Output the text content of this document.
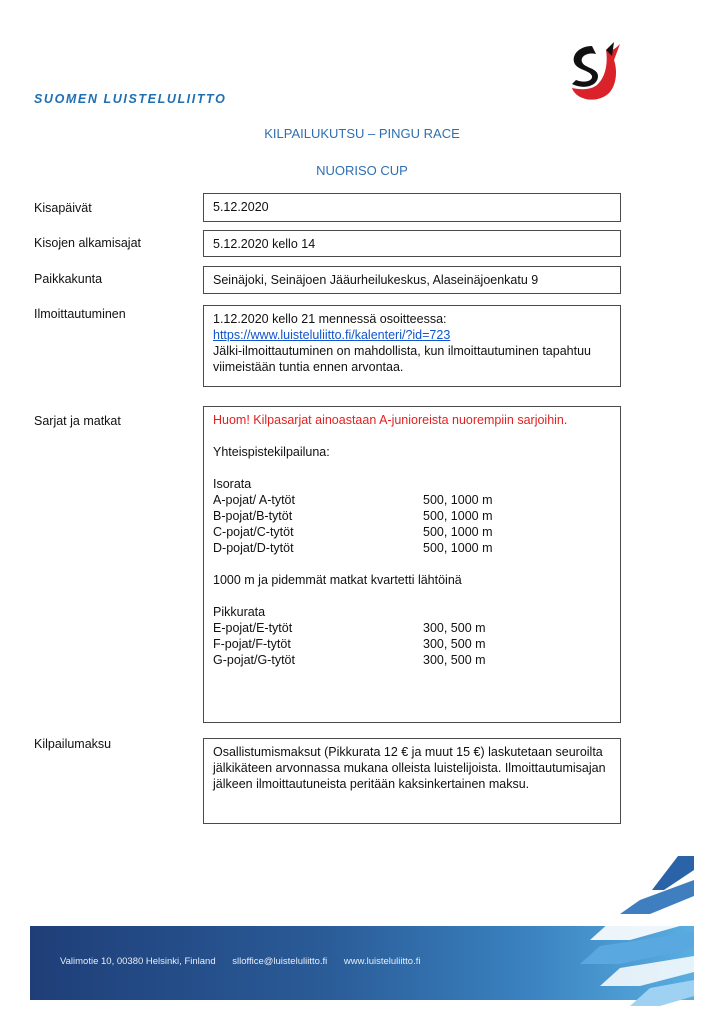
SUOMEN LUISTELULIITTO
KILPAILUKUTSU – PINGU RACE
NUORISO CUP
Kisapäivät	5.12.2020
Kisojen alkamisajat	5.12.2020 kello 14
Paikkakunta	Seinäjoki, Seinäjoen Jääurheilukeskus, Alaseinäjoenkatu 9
Ilmoittautuminen	1.12.2020 kello 21 mennessä osoitteessa:
https://www.luisteluliitto.fi/kalenteri/?id=723
Jälki-ilmoittautuminen on mahdollista, kun ilmoittautuminen tapahtuu viimeistään tuntia ennen arvontaa.
Sarjat ja matkat	Huom! Kilpasarjat ainoastaan A-junioreista nuorempiin sarjoihin.
Yhteispistekilpailuna:
Isorata
A-pojat/ A-tytöt	500, 1000 m
B-pojat/B-tytöt	500, 1000 m
C-pojat/C-tytöt	500, 1000 m
D-pojat/D-tytöt	500, 1000 m
1000 m ja pidemmät matkat kvartetti lähtöinä
Pikkurata
E-pojat/E-tytöt	300, 500 m
F-pojat/F-tytöt	300, 500 m
G-pojat/G-tytöt	300, 500 m
Kilpailumaksu
Osallistumismaksut (Pikkurata 12 € ja muut 15 €) laskutetaan seuroilta jälkikäteen arvonnassa mukana olleista luistelijoista. Ilmoittautumisajan jälkeen ilmoittautuneista peritään kaksinkertainen maksu.
Valimotie 10, 00380 Helsinki, Finland slloffice@luisteluliitto.fi www.luisteluliitto.fi
